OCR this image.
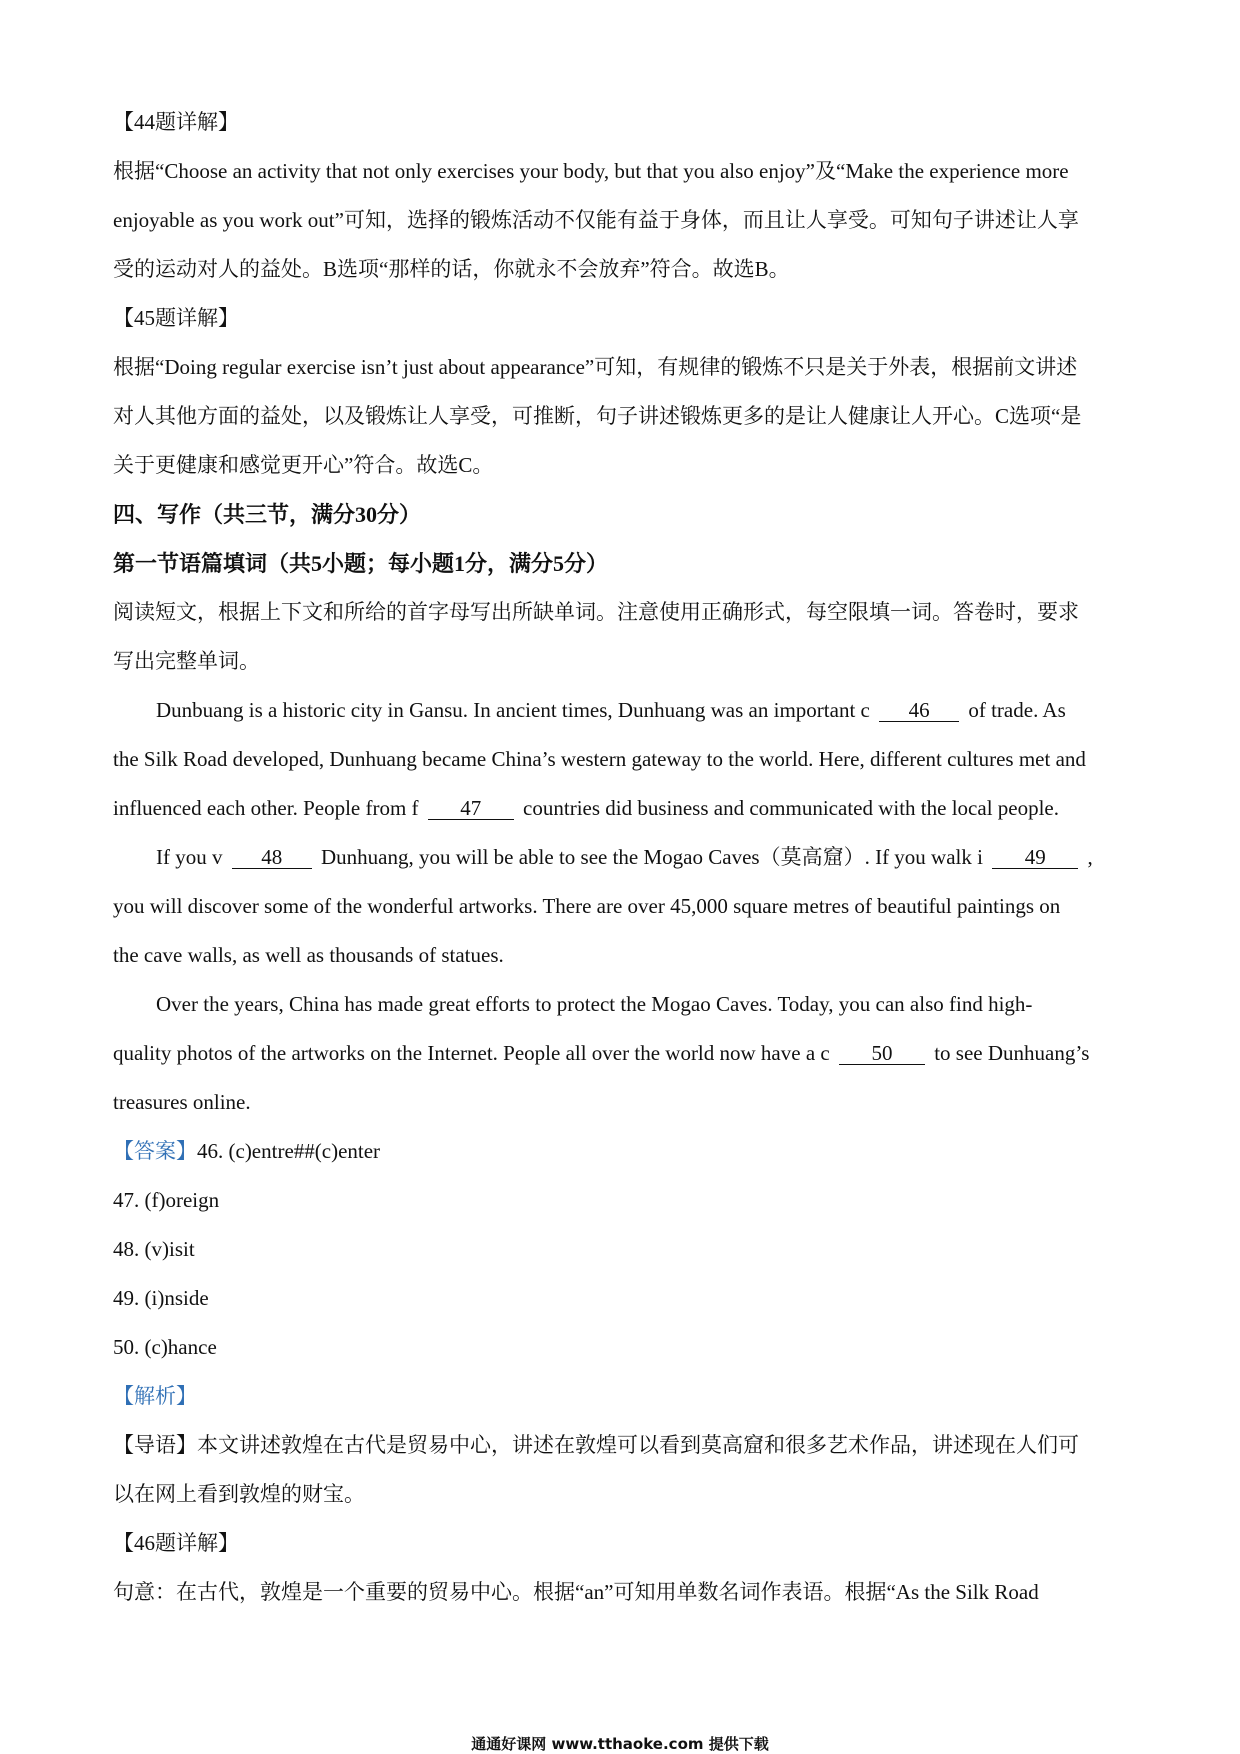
【44题详解】
根据“Choose an activity that not only exercises your body, but that you also enjoy”及“Make the experience more
enjoyable as you work out”可知，选择的锻炼活动不仅能有益于身体，而且让人享受。可知句子讲述让人享
受的运动对人的益处。B选项“那样的话，你就永不会放弃”符合。故选B。
【45题详解】
根据“Doing regular exercise isn’t just about appearance”可知，有规律的锻炼不只是关于外表，根据前文讲述
对人其他方面的益处，以及锻炼让人享受，可推断，句子讲述锻炼更多的是让人健康让人开心。C选项“是
关于更健康和感觉更开心”符合。故选C。
四、写作（共三节，满分30分）
第一节语篇填词（共5小题；每小题1分，满分5分）
阅读短文，根据上下文和所给的首字母写出所缺单词。注意使用正确形式，每空限填一词。答卷时，要求
写出完整单词。
Dunbuang is a historic city in Gansu. In ancient times, Dunhuang was an important c 46 of trade. As
the Silk Road developed, Dunhuang became China’s western gateway to the world. Here, different cultures met and
influenced each other. People from f 47 countries did business and communicated with the local people.
If you v 48 Dunhuang, you will be able to see the Mogao Caves（莫高窟）. If you walk i 49 ,
you will discover some of the wonderful artworks. There are over 45,000 square metres of beautiful paintings on
the cave walls, as well as thousands of statues.
Over the years, China has made great efforts to protect the Mogao Caves. Today, you can also find high-
quality photos of the artworks on the Internet. People all over the world now have a c 50 to see Dunhuang’s
treasures online.
【答案】46. (c)entre##(c)enter
47. (f)oreign
48. (v)isit
49. (i)nside
50. (c)hance
【解析】
【导语】本文讲述敦煌在古代是贸易中心，讲述在敦煌可以看到莫高窟和很多艺术作品，讲述现在人们可
以在网上看到敦煌的财宝。
【46题详解】
句意：在古代，敦煌是一个重要的贸易中心。根据“an”可知用单数名词作表语。根据“As the Silk Road
通通好课网 www.tthaoke.com 提供下载
